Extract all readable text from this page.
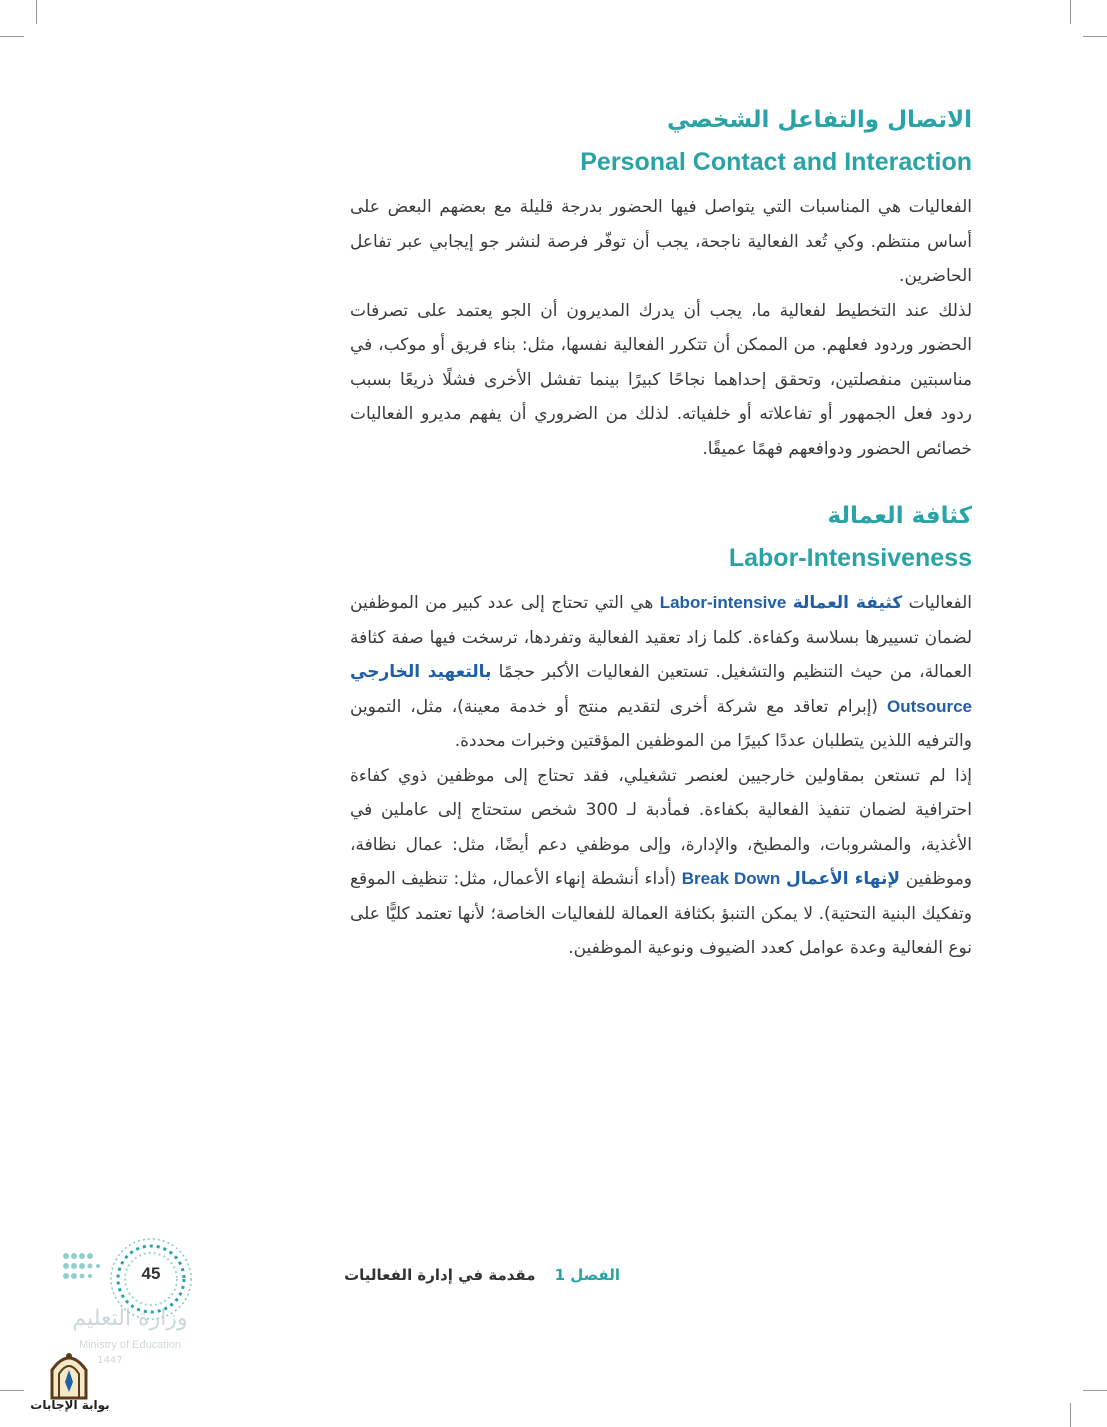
الاتصال والتفاعل الشخصي
Personal Contact and Interaction

الفعاليات هي المناسبات التي يتواصل فيها الحضور بدرجة قليلة مع بعضهم البعض على أساس منتظم. وكي تُعد الفعالية ناجحة، يجب أن توفّر فرصة لنشر جو إيجابي عبر تفاعل الحاضرين.

لذلك عند التخطيط لفعالية ما، يجب أن يدرك المديرون أن الجو يعتمد على تصرفات الحضور وردود فعلهم. من الممكن أن تتكرر الفعالية نفسها، مثل: بناء فريق أو موكب، في مناسبتين منفصلتين، وتحقق إحداهما نجاحًا كبيرًا بينما تفشل الأخرى فشلًا ذريعًا بسبب ردود فعل الجمهور أو تفاعلاته أو خلفياته. لذلك من الضروري أن يفهم مديرو الفعاليات خصائص الحضور ودوافعهم فهمًا عميقًا.

كثافة العمالة
Labor-Intensiveness

الفعاليات كثيفة العمالة Labor-intensive هي التي تحتاج إلى عدد كبير من الموظفين لضمان تسييرها بسلاسة وكفاءة. كلما زاد تعقيد الفعالية وتفردها، ترسخت فيها صفة كثافة العمالة، من حيث التنظيم والتشغيل. تستعين الفعاليات الأكبر حجمًا بالتعهيد الخارجي Outsource (إبرام تعاقد مع شركة أخرى لتقديم منتج أو خدمة معينة)، مثل، التموين والترفيه اللذين يتطلبان عددًا كبيرًا من الموظفين المؤقتين وخبرات محددة.

إذا لم تستعن بمقاولين خارجيين لعنصر تشغيلي، فقد تحتاج إلى موظفين ذوي كفاءة احترافية لضمان تنفيذ الفعالية بكفاءة. فمأدبة لـ 300 شخص ستحتاج إلى عاملين في الأغذية، والمشروبات، والمطبخ، والإدارة، وإلى موظفي دعم أيضًا، مثل: عمال نظافة، وموظفين لإنهاء الأعمال Break Down (أداء أنشطة إنهاء الأعمال، مثل: تنظيف الموقع وتفكيك البنية التحتية). لا يمكن التنبؤ بكثافة العمالة للفعاليات الخاصة؛ لأنها تعتمد كليًّا على نوع الفعالية وعدة عوامل كعدد الضيوف ونوعية الموظفين.

الفصل 1    مقدمة في إدارة الفعاليات
45
وزارة التعليم
Ministry of Education
1447
بوابة الإجابات
